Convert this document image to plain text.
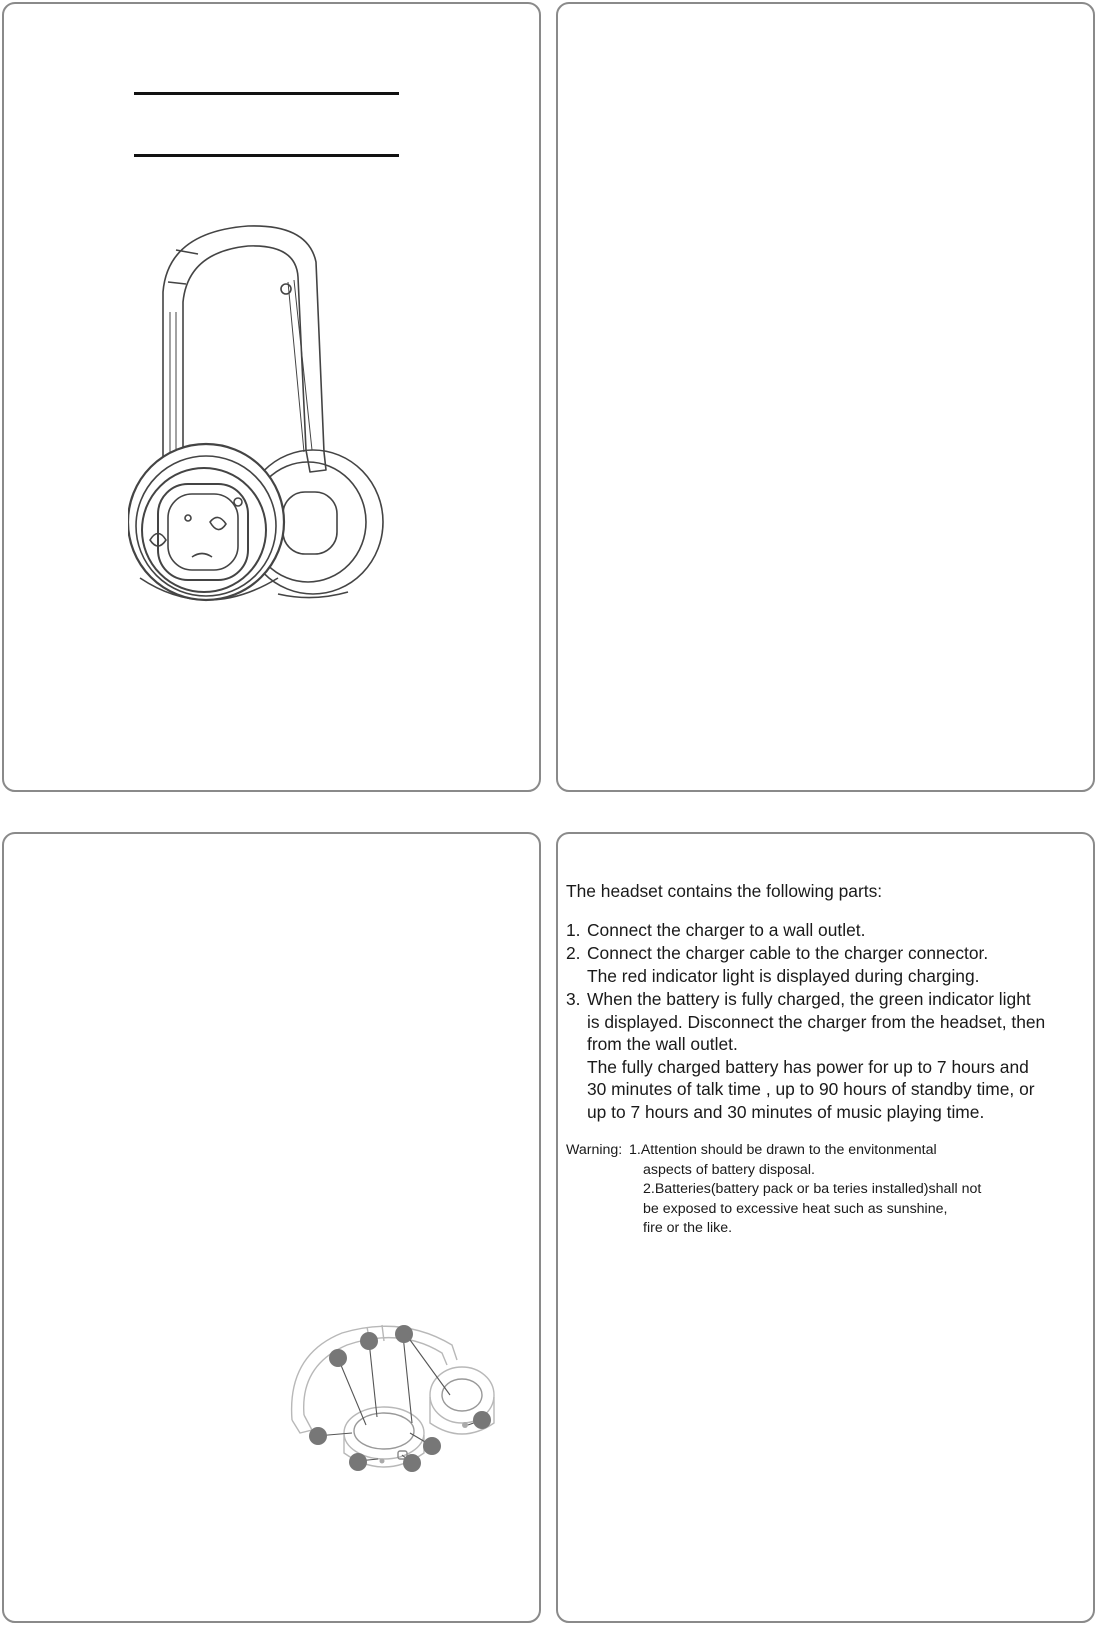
The headset contains the following parts:
1. Connect the charger to a wall outlet.
2. Connect the charger cable to the charger connector.
The red indicator light is displayed during charging.
3. When the battery is fully charged, the green indicator light
is displayed. Disconnect the charger from the headset, then
from the wall outlet.
The fully charged battery has power for up to 7 hours and
30 minutes of talk time , up to 90 hours of standby time, or
up to 7 hours and 30 minutes of music playing time.
Warning: 1.Attention should be drawn to the envitonmental
aspects of battery disposal.
2.Batteries(battery pack or ba teries installed)shall not
be exposed to excessive heat such as sunshine,
fire or the like.
